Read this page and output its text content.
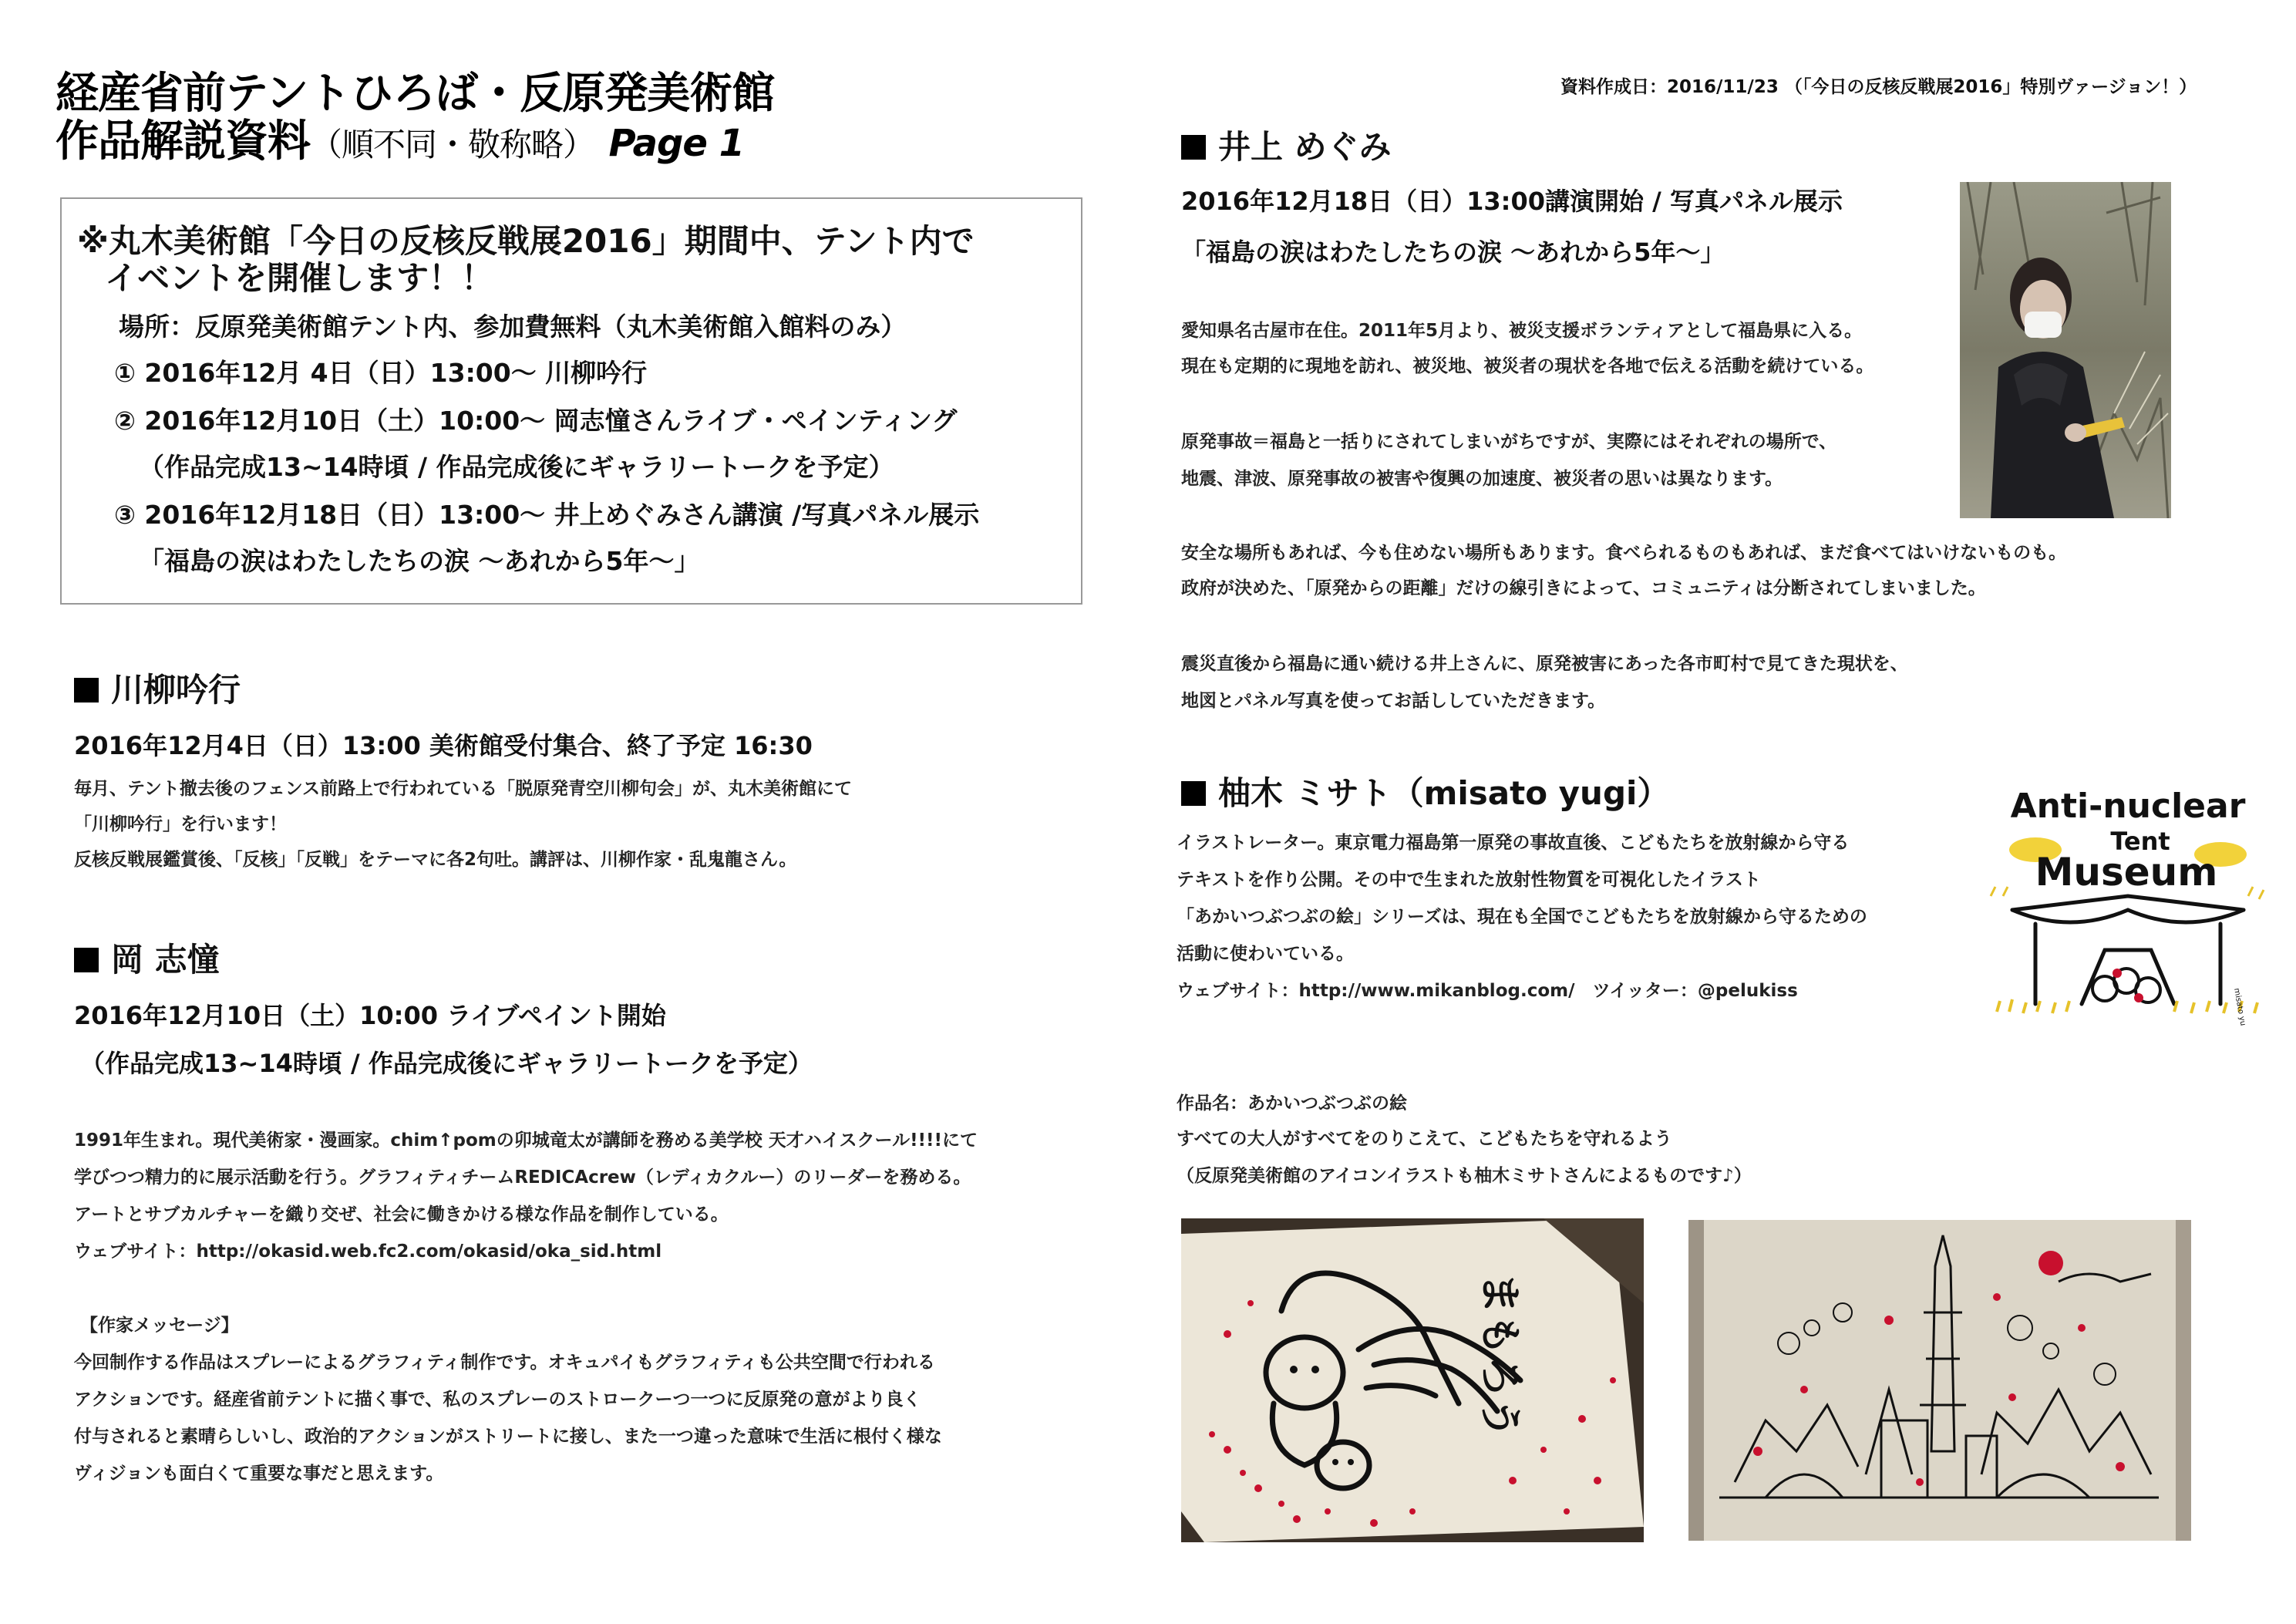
経産省前テントひろば・反原発美術館
作品解説資料（順不同・敬称略） Page 1
資料作成日：2016/11/23 （「今日の反核反戦展2016」特別ヴァージョン！）
※丸木美術館「今日の反核反戦展2016」期間中、テント内で
イベントを開催します！！
場所：反原発美術館テント内、参加費無料（丸木美術館入館料のみ）
① 2016年12月 4日（日）13:00〜 川柳吟行
② 2016年12月10日（土）10:00〜 岡志憧さんライブ・ペインティング
（作品完成13~14時頃 / 作品完成後にギャラリートークを予定）
③ 2016年12月18日（日）13:00〜 井上めぐみさん講演 /写真パネル展示
「福島の涙はわたしたちの涙 〜あれから5年〜」
川柳吟行
2016年12月4日（日）13:00 美術館受付集合、終了予定 16:30
毎月、テント撤去後のフェンス前路上で行われている「脱原発青空川柳句会」が、丸木美術館にて
「川柳吟行」を行います！
反核反戦展鑑賞後、「反核」「反戦」をテーマに各2句吐。講評は、川柳作家・乱鬼龍さん。
岡 志憧
2016年12月10日（土）10:00 ライブペイント開始
（作品完成13~14時頃 / 作品完成後にギャラリートークを予定）
1991年生まれ。現代美術家・漫画家。chim↑pomの卯城竜太が講師を務める美学校 天才ハイスクール!!!!にて
学びつつ精力的に展示活動を行う。グラフィティチームREDICAcrew（レディカクルー）のリーダーを務める。
アートとサブカルチャーを織り交ぜ、社会に働きかける様な作品を制作している。
ウェブサイト：http://okasid.web.fc2.com/okasid/oka_sid.html
【作家メッセージ】
今回制作する作品はスプレーによるグラフィティ制作です。オキュパイもグラフィティも公共空間で行われる
アクションです。経産省前テントに描く事で、私のスプレーのストロークーつ一つに反原発の意がより良く
付与されると素晴らしいし、政治的アクションがストリートに接し、また一つ違った意味で生活に根付く様な
ヴィジョンも面白くて重要な事だと思えます。
井上 めぐみ
2016年12月18日（日）13:00講演開始 / 写真パネル展示
「福島の涙はわたしたちの涙 〜あれから5年〜」
愛知県名古屋市在住。2011年5月より、被災支援ボランティアとして福島県に入る。
現在も定期的に現地を訪れ、被災地、被災者の現状を各地で伝える活動を続けている。
原発事故＝福島と一括りにされてしまいがちですが、実際にはそれぞれの場所で、
地震、津波、原発事故の被害や復興の加速度、被災者の思いは異なります。
安全な場所もあれば、今も住めない場所もあります。食べられるものもあれば、まだ食べてはいけないものも。
政府が決めた、「原発からの距離」だけの線引きによって、コミュニティは分断されてしまいました。
震災直後から福島に通い続ける井上さんに、原発被害にあった各市町村で見てきた現状を、
地図とパネル写真を使ってお話ししていただきます。
柚木 ミサト（misato yugi）
イラストレーター。東京電力福島第一原発の事故直後、こどもたちを放射線から守る
テキストを作り公開。その中で生まれた放射性物質を可視化したイラスト
「あかいつぶつぶの絵」シリーズは、現在も全国でこどもたちを放射線から守るための
活動に使わいている。
ウェブサイト：http://www.mikanblog.com/　ツイッター：@pelukiss
作品名：あかいつぶつぶの絵
すべての大人がすべてをのりこえて、こどもたちを守れるよう
（反原発美術館のアイコンイラストも柚木ミサトさんによるものです♪）
Anti-nuclear
Tent
Museum
misato yugi
まもろう
